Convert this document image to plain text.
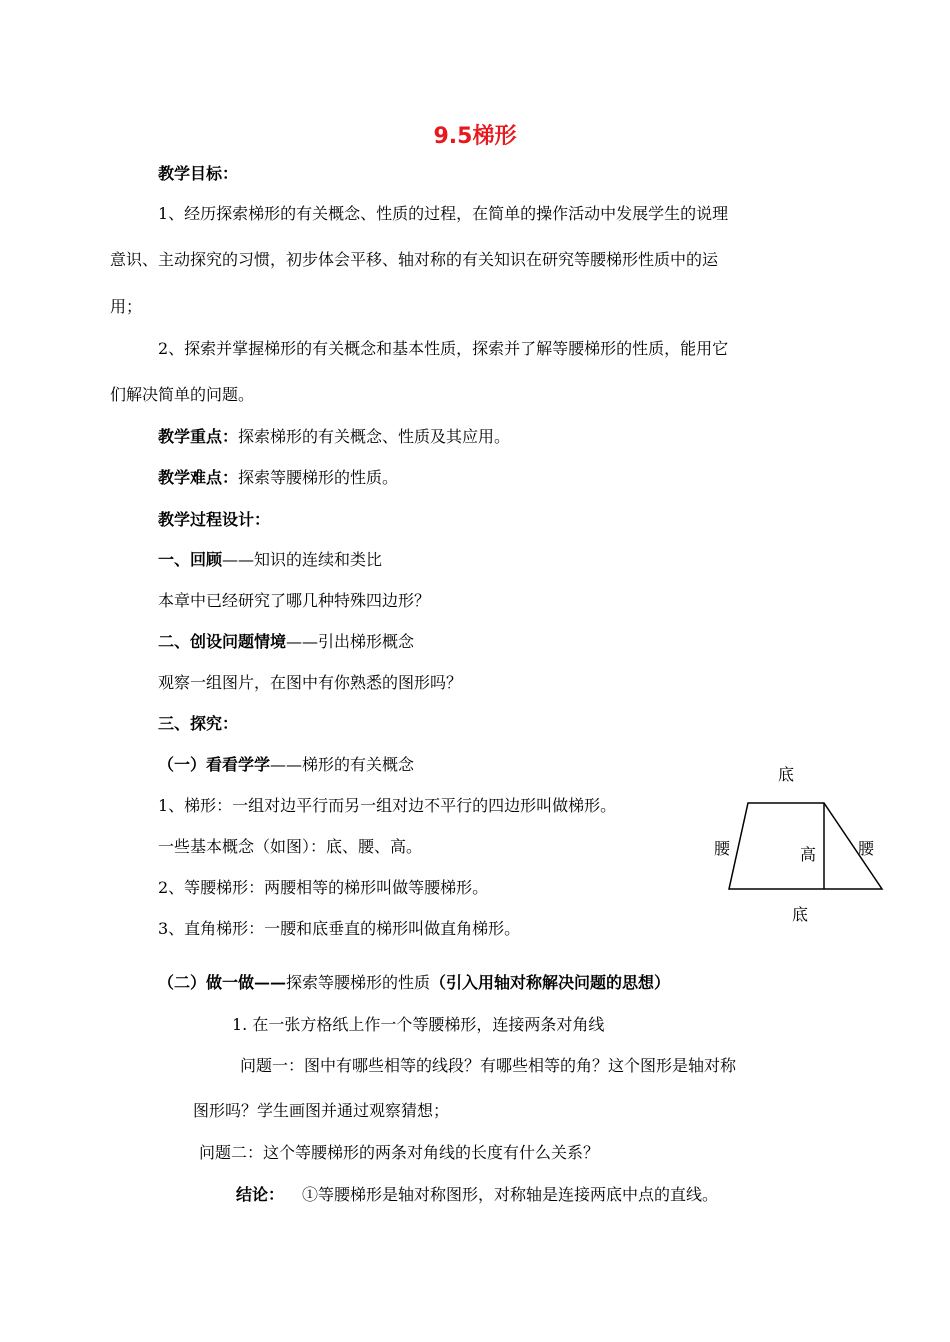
9.5梯形
教学目标：
1、经历探索梯形的有关概念、性质的过程，在简单的操作活动中发展学生的说理
意识、主动探究的习惯，初步体会平移、轴对称的有关知识在研究等腰梯形性质中的运
用；
2、探索并掌握梯形的有关概念和基本性质，探索并了解等腰梯形的性质，能用它
们解决简单的问题。
教学重点：探索梯形的有关概念、性质及其应用。
教学难点：探索等腰梯形的性质。
教学过程设计：
一、回顾——知识的连续和类比
本章中已经研究了哪几种特殊四边形？
二、创设问题情境——引出梯形概念
观察一组图片，在图中有你熟悉的图形吗？
三、探究：
（一）看看学学——梯形的有关概念
1、梯形：一组对边平行而另一组对边不平行的四边形叫做梯形。
一些基本概念（如图）：底、腰、高。
2、等腰梯形：两腰相等的梯形叫做等腰梯形。
3、直角梯形：一腰和底垂直的梯形叫做直角梯形。
底
腰	高	腰
底
（二）做一做——探索等腰梯形的性质（引入用轴对称解决问题的思想）
1. 在一张方格纸上作一个等腰梯形，连接两条对角线
问题一：图中有哪些相等的线段？有哪些相等的角？这个图形是轴对称
图形吗？学生画图并通过观察猜想；
问题二：这个等腰梯形的两条对角线的长度有什么关系？
结论： ①等腰梯形是轴对称图形，对称轴是连接两底中点的直线。
